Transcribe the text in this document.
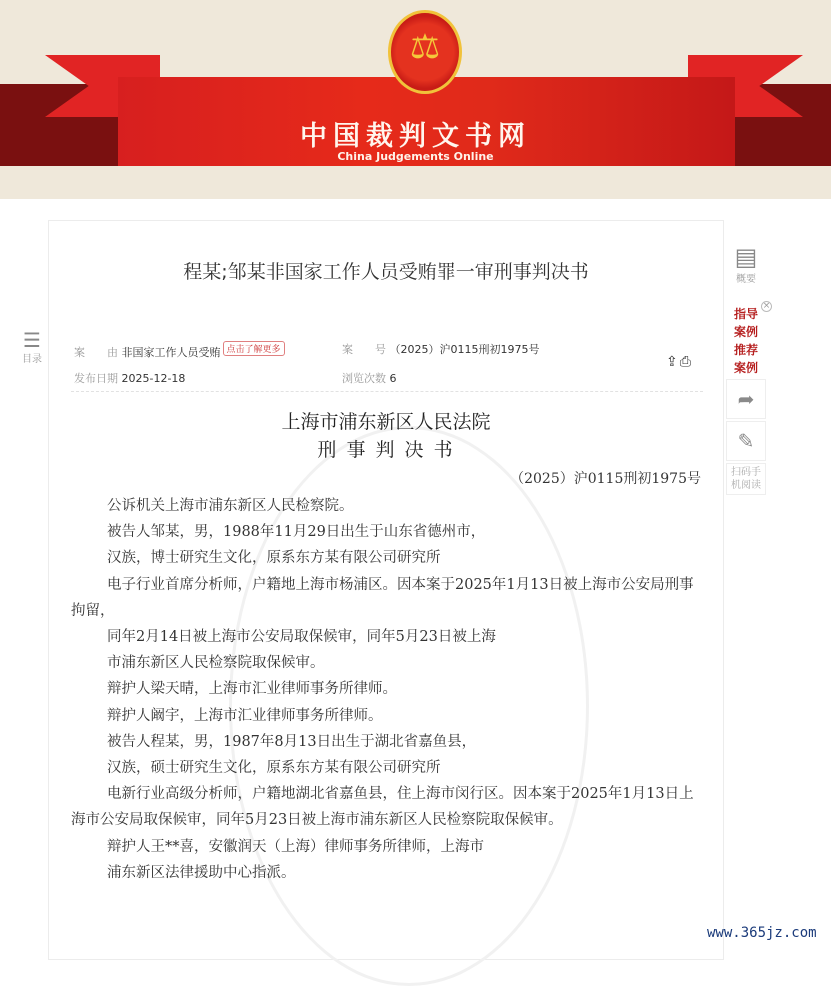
⚖
中国裁判文书网
China Judgements Online
☰
目录
程某;邹某非国家工作人员受贿罪一审刑事判决书
案　　由 非国家工作人员受贿 点击了解更多	案　　号 （2025）沪0115刑初1975号
发布日期 2025-12-18	浏览次数 6
⇪⎙
上海市浦东新区人民法院
刑 事 判 决 书
（2025）沪0115刑初1975号

公诉机关上海市浦东新区人民检察院。

被告人邹某，男，1988年11月29日出生于山东省德州市，

汉族，博士研究生文化，原系东方某有限公司研究所

电子行业首席分析师，户籍地上海市杨浦区。因本案于2025年1月13日被上海市公安局刑事拘留，

同年2月14日被上海市公安局取保候审，同年5月23日被上海

市浦东新区人民检察院取保候审。

辩护人梁天晴，上海市汇业律师事务所律师。

辩护人阚宇，上海市汇业律师事务所律师。

被告人程某，男，1987年8月13日出生于湖北省嘉鱼县，

汉族，硕士研究生文化，原系东方某有限公司研究所

电新行业高级分析师，户籍地湖北省嘉鱼县，住上海市闵行区。因本案于2025年1月13日上海市公安局取保候审，同年5月23日被上海市浦东新区人民检察院取保候审。

辩护人王**喜，安徽润天（上海）律师事务所律师，上海市

浦东新区法律援助中心指派。

▤
概要
×
指导
案例
推荐
案例
➦
✎
扫码手
机阅读
www.365jz.com
